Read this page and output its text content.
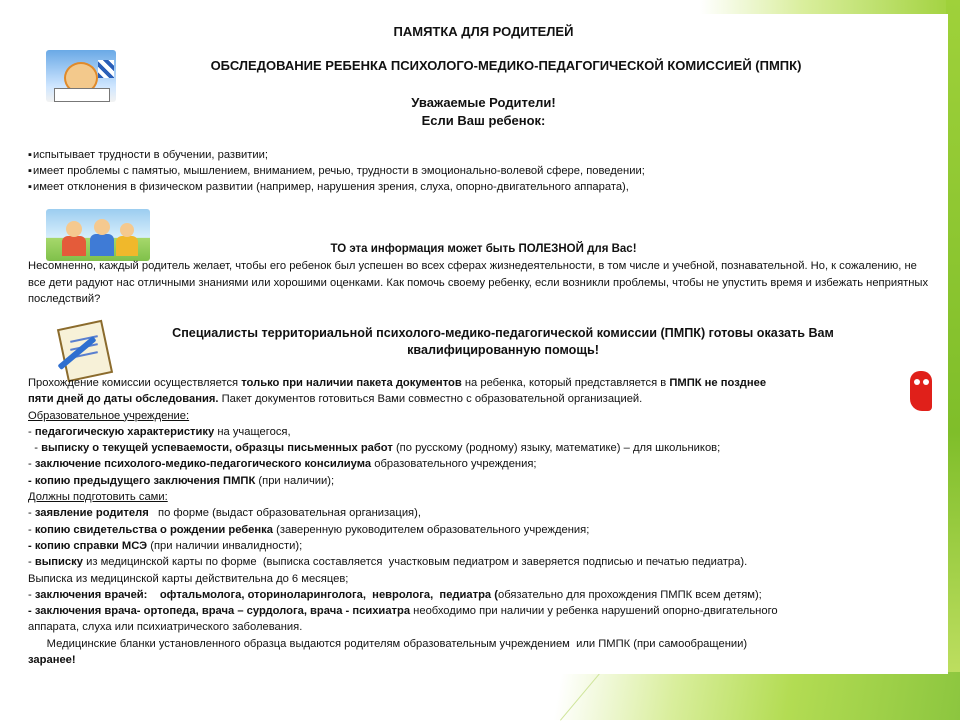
ПАМЯТКА ДЛЯ РОДИТЕЛЕЙ
ОБСЛЕДОВАНИЕ РЕБЕНКА ПСИХОЛОГО-МЕДИКО-ПЕДАГОГИЧЕСКОЙ КОМИССИЕЙ (ПМПК)
Уважаемые Родители!
Если Ваш ребенок:
▪ испытывает трудности в обучении, развитии;
▪ имеет проблемы с памятью, мышлением, вниманием, речью, трудности в эмоционально-волевой сфере, поведении;
▪ имеет отклонения в физическом развитии (например, нарушения зрения, слуха, опорно-двигательного аппарата),
ТО эта информация может быть ПОЛЕЗНОЙ для Вас!
Несомненно, каждый родитель желает, чтобы его ребенок был успешен во всех сферах жизнедеятельности, в том числе и учебной, познавательной. Но, к сожалению, не все дети радуют нас отличными знаниями или хорошими оценками. Как помочь своему ребенку, если возникли проблемы, чтобы не упустить время и избежать неприятных последствий?
Специалисты территориальной психолого-медико-педагогической комиссии (ПМПК) готовы оказать Вам квалифицированную помощь!
Прохождение комиссии осуществляется только при наличии пакета документов на ребенка, который представляется в ПМПК не позднее
пяти дней до даты обследования. Пакет документов готовиться Вами совместно с образовательной организацией.
Образовательное учреждение:
- педагогическую характеристику на учащегося,
- выписку о текущей успеваемости, образцы письменных работ (по русскому (родному) языку, математике) – для школьников;
- заключение психолого-медико-педагогического консилиума образовательного учреждения;
- копию предыдущего заключения ПМПК (при наличии);
Должны подготовить сами:
- заявление родителя   по форме (выдаст образовательная организация),
- копию свидетельства о рождении ребенка (заверенную руководителем образовательного учреждения;
- копию справки МСЭ (при наличии инвалидности);
- выписку из медицинской карты по форме  (выписка составляется  участковым педиатром и заверяется подписью и печатью педиатра).
Выписка из медицинской карты действительна до 6 месяцев;
- заключения врачей:    офтальмолога, оториноларинголога,  невролога,  педиатра (обязательно для прохождения ПМПК всем детям);
- заключения врача- ортопеда, врача – сурдолога, врача - психиатра необходимо при наличии у ребенка нарушений опорно-двигательного
аппарата, слуха или психиатрического заболевания.
Медицинские бланки установленного образца выдаются родителям образовательным учреждением  или ПМПК (при самообращении)
заранее!
